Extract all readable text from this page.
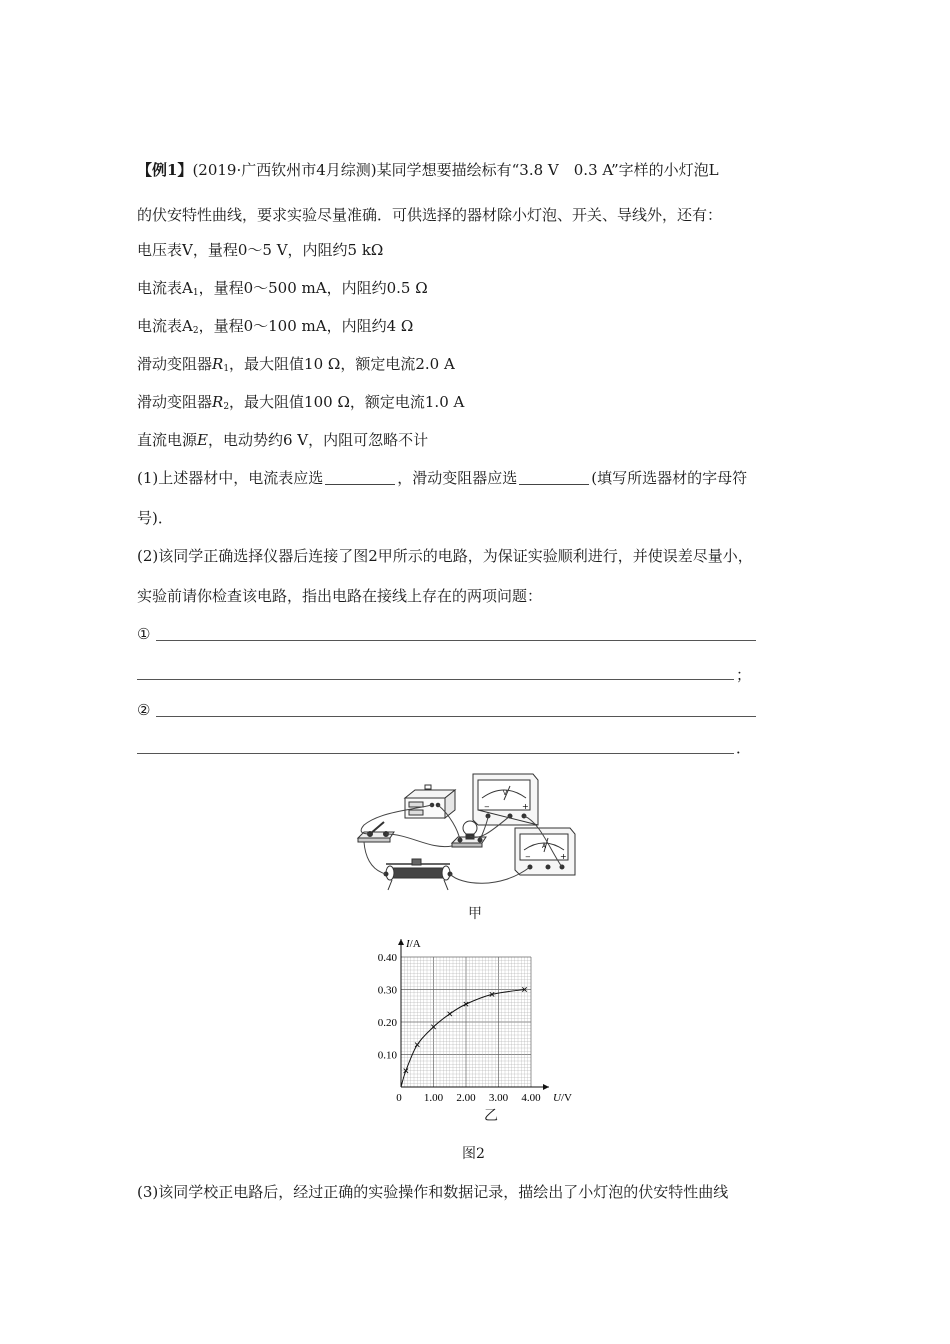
【例1】(2019·广西钦州市4月综测)某同学想要描绘标有“3.8 V　0.3 A”字样的小灯泡L
的伏安特性曲线，要求实验尽量准确．可供选择的器材除小灯泡、开关、导线外，还有：
电压表V，量程0～5 V，内阻约5 kΩ
电流表$A_1$，量程0～500 mA，内阻约0.5 Ω
电流表$A_2$，量程0～100 mA，内阻约4 Ω
滑动变阻器$R_1$，最大阻值10 Ω，额定电流2.0 A
滑动变阻器$R_2$，最大阻值100 Ω，额定电流1.0 A
直流电源E，电动势约6 V，内阻可忽略不计
(1)上述器材中，电流表应选	，滑动变阻器应选	(填写所选器材的字母符
号)．
(2)该同学正确选择仪器后连接了图2甲所示的电路，为保证实验顺利进行，并使误差尽量小，
实验前请你检查该电路，指出电路在接线上存在的两项问题：
①
；
②
．
V
−	+
A
−	+
甲
1.00 2.00 3.00 4.00
0.10
0.20
0.30
0.40
0	U/V
I/A
乙
图2
(3)该同学校正电路后，经过正确的实验操作和数据记录，描绘出了小灯泡的伏安特性曲线
